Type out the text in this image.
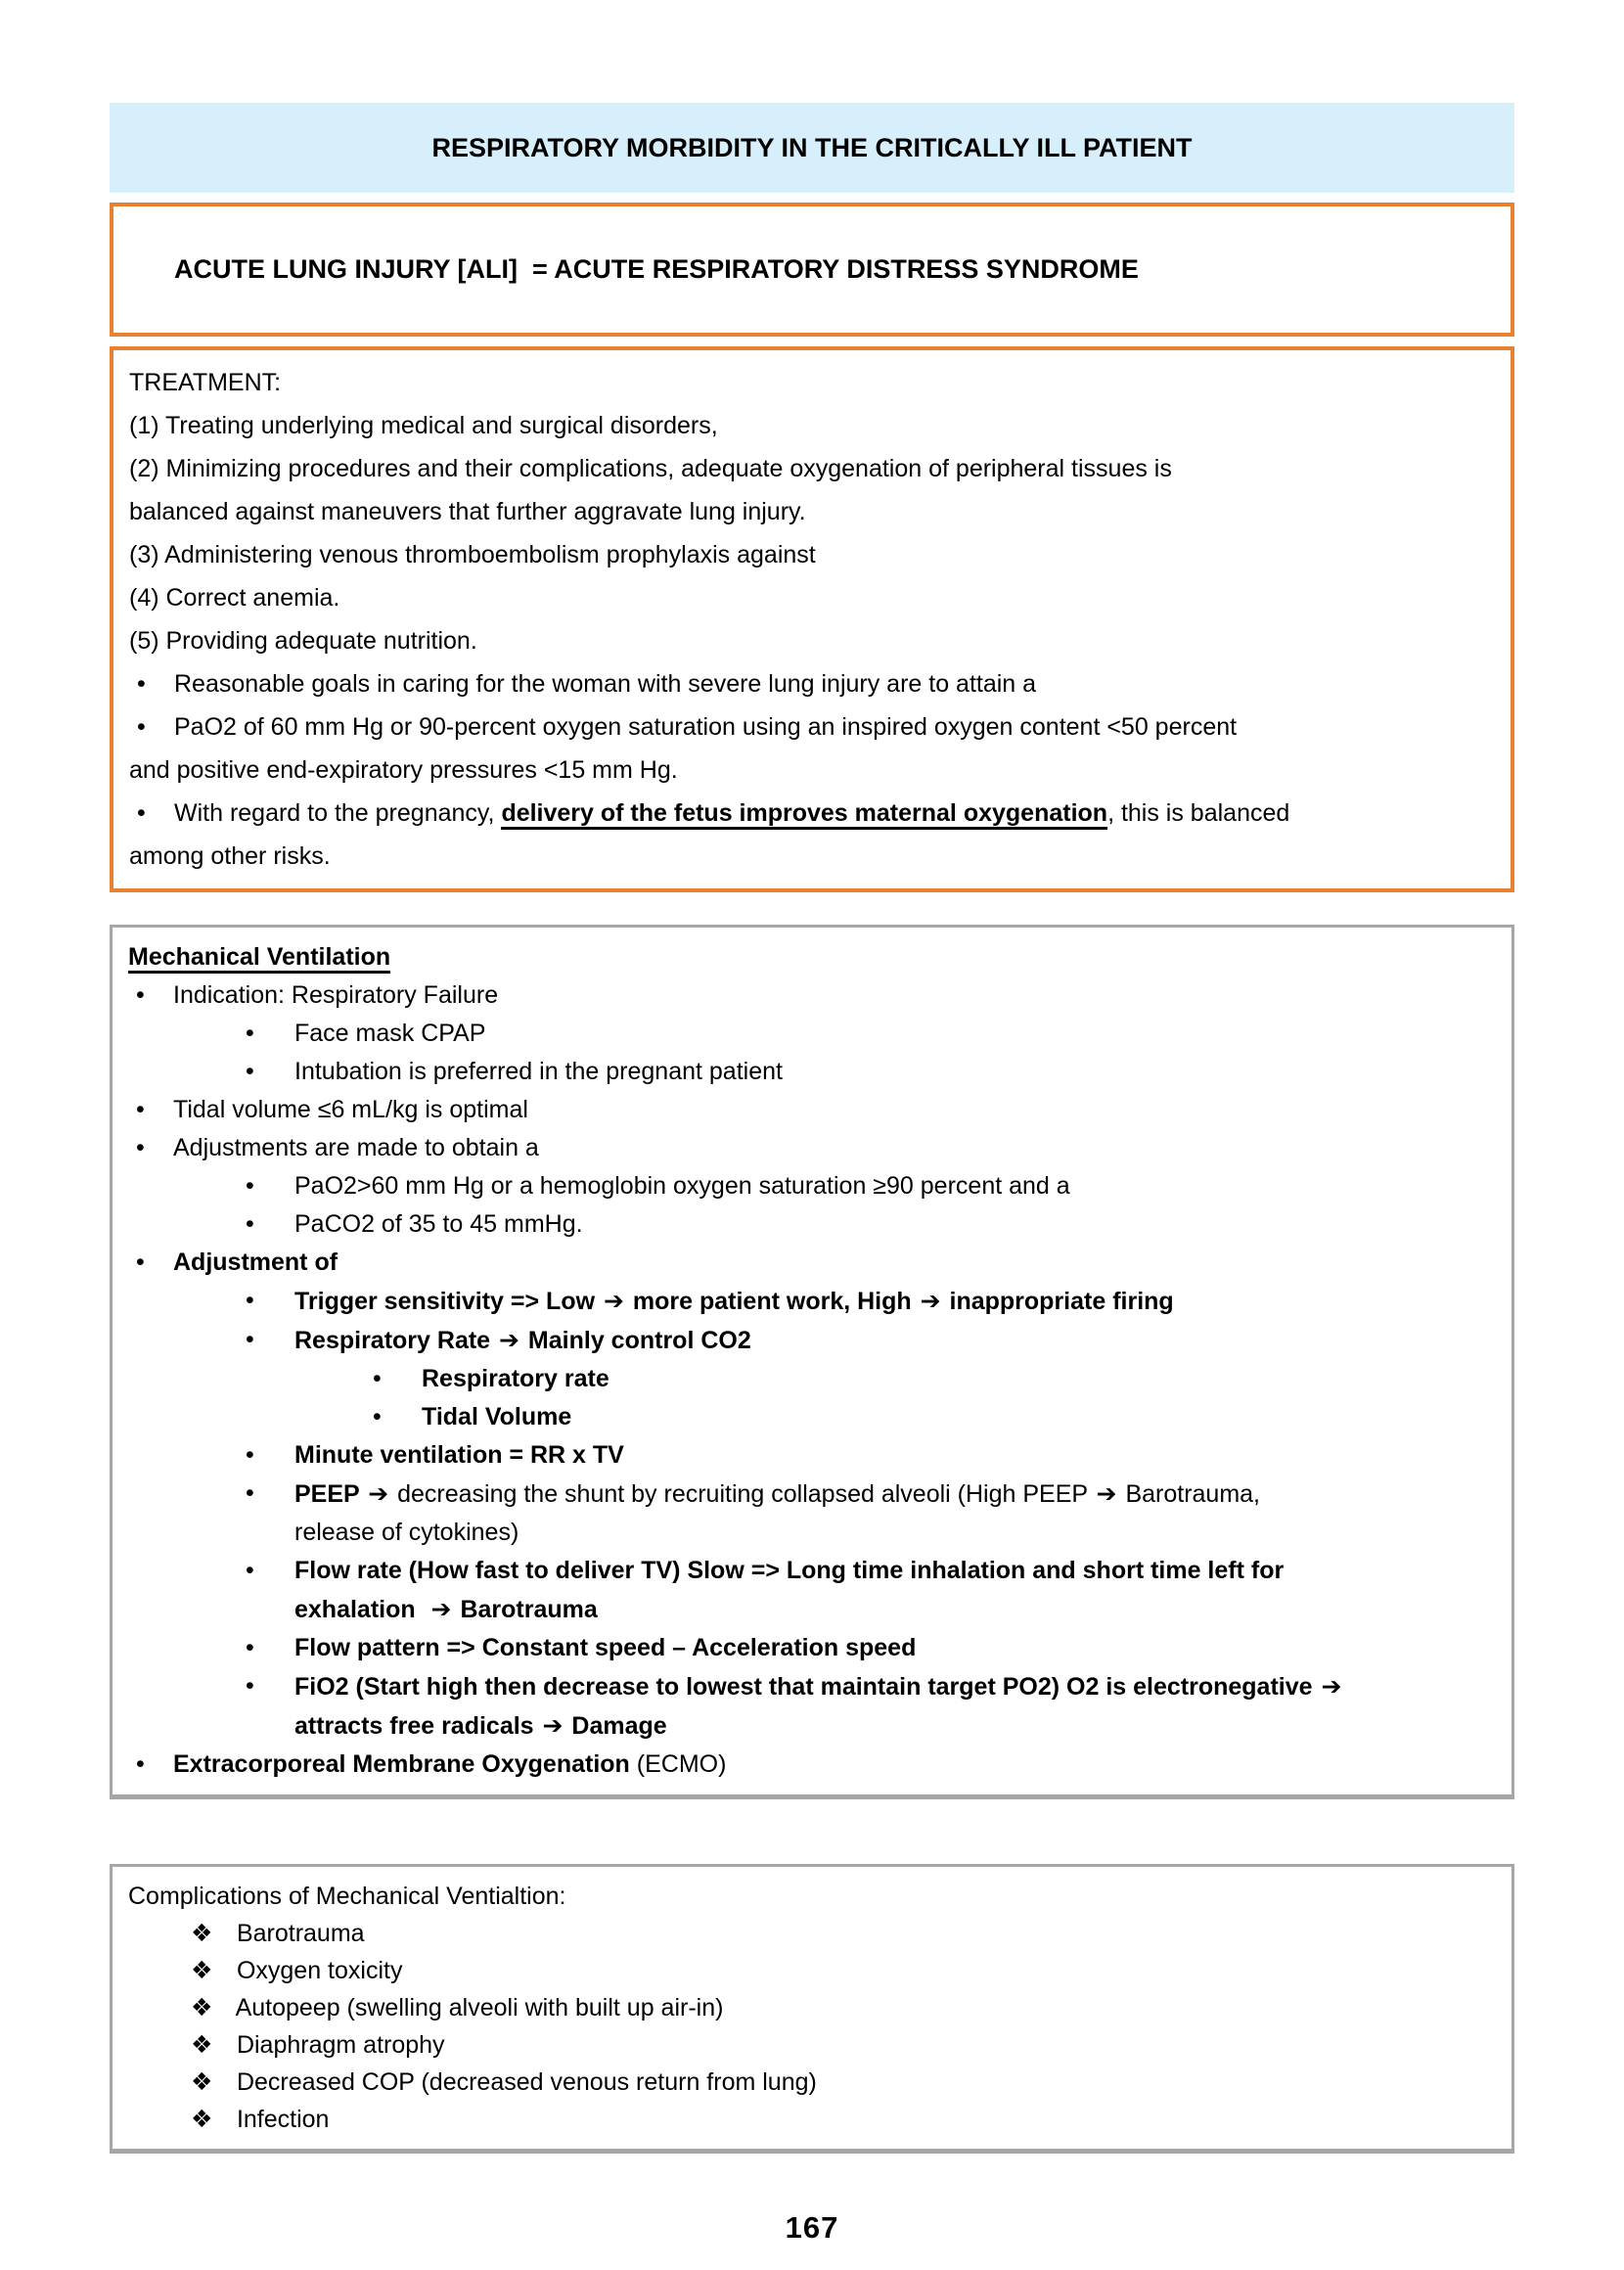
RESPIRATORY MORBIDITY IN THE CRITICALLY ILL PATIENT

ACUTE LUNG INJURY [ALI]  = ACUTE RESPIRATORY DISTRESS SYNDROME

TREATMENT:
(1) Treating underlying medical and surgical disorders,
(2) Minimizing procedures and their complications, adequate oxygenation of peripheral tissues is
balanced against maneuvers that further aggravate lung injury.
(3) Administering venous thromboembolism prophylaxis against
(4) Correct anemia.
(5) Providing adequate nutrition.
• Reasonable goals in caring for the woman with severe lung injury are to attain a
• PaO2 of 60 mm Hg or 90-percent oxygen saturation using an inspired oxygen content <50 percent
and positive end-expiratory pressures <15 mm Hg.
• With regard to the pregnancy, delivery of the fetus improves maternal oxygenation, this is balanced
among other risks.
Mechanical Ventilation
• Indication: Respiratory Failure
• Face mask CPAP
• Intubation is preferred in the pregnant patient
• Tidal volume ≤6 mL/kg is optimal
• Adjustments are made to obtain a
• PaO2>60 mm Hg or a hemoglobin oxygen saturation ≥90 percent and a
• PaCO2 of 35 to 45 mmHg.
• Adjustment of
• Trigger sensitivity => Low ➔ more patient work, High ➔ inappropriate firing
• Respiratory Rate ➔ Mainly control CO2
• Respiratory rate
• Tidal Volume
• Minute ventilation = RR x TV
• PEEP ➔ decreasing the shunt by recruiting collapsed alveoli (High PEEP ➔ Barotrauma,
release of cytokines)
• Flow rate (How fast to deliver TV) Slow => Long time inhalation and short time left for
exhalation  ➔ Barotrauma
• Flow pattern => Constant speed – Acceleration speed
• FiO2 (Start high then decrease to lowest that maintain target PO2) O2 is electronegative ➔
attracts free radicals ➔ Damage
• Extracorporeal Membrane Oxygenation (ECMO)
Complications of Mechanical Ventialtion:
❖ Barotrauma
❖ Oxygen toxicity
❖ Autopeep (swelling alveoli with built up air-in)
❖ Diaphragm atrophy
❖ Decreased COP (decreased venous return from lung)
❖ Infection
167
